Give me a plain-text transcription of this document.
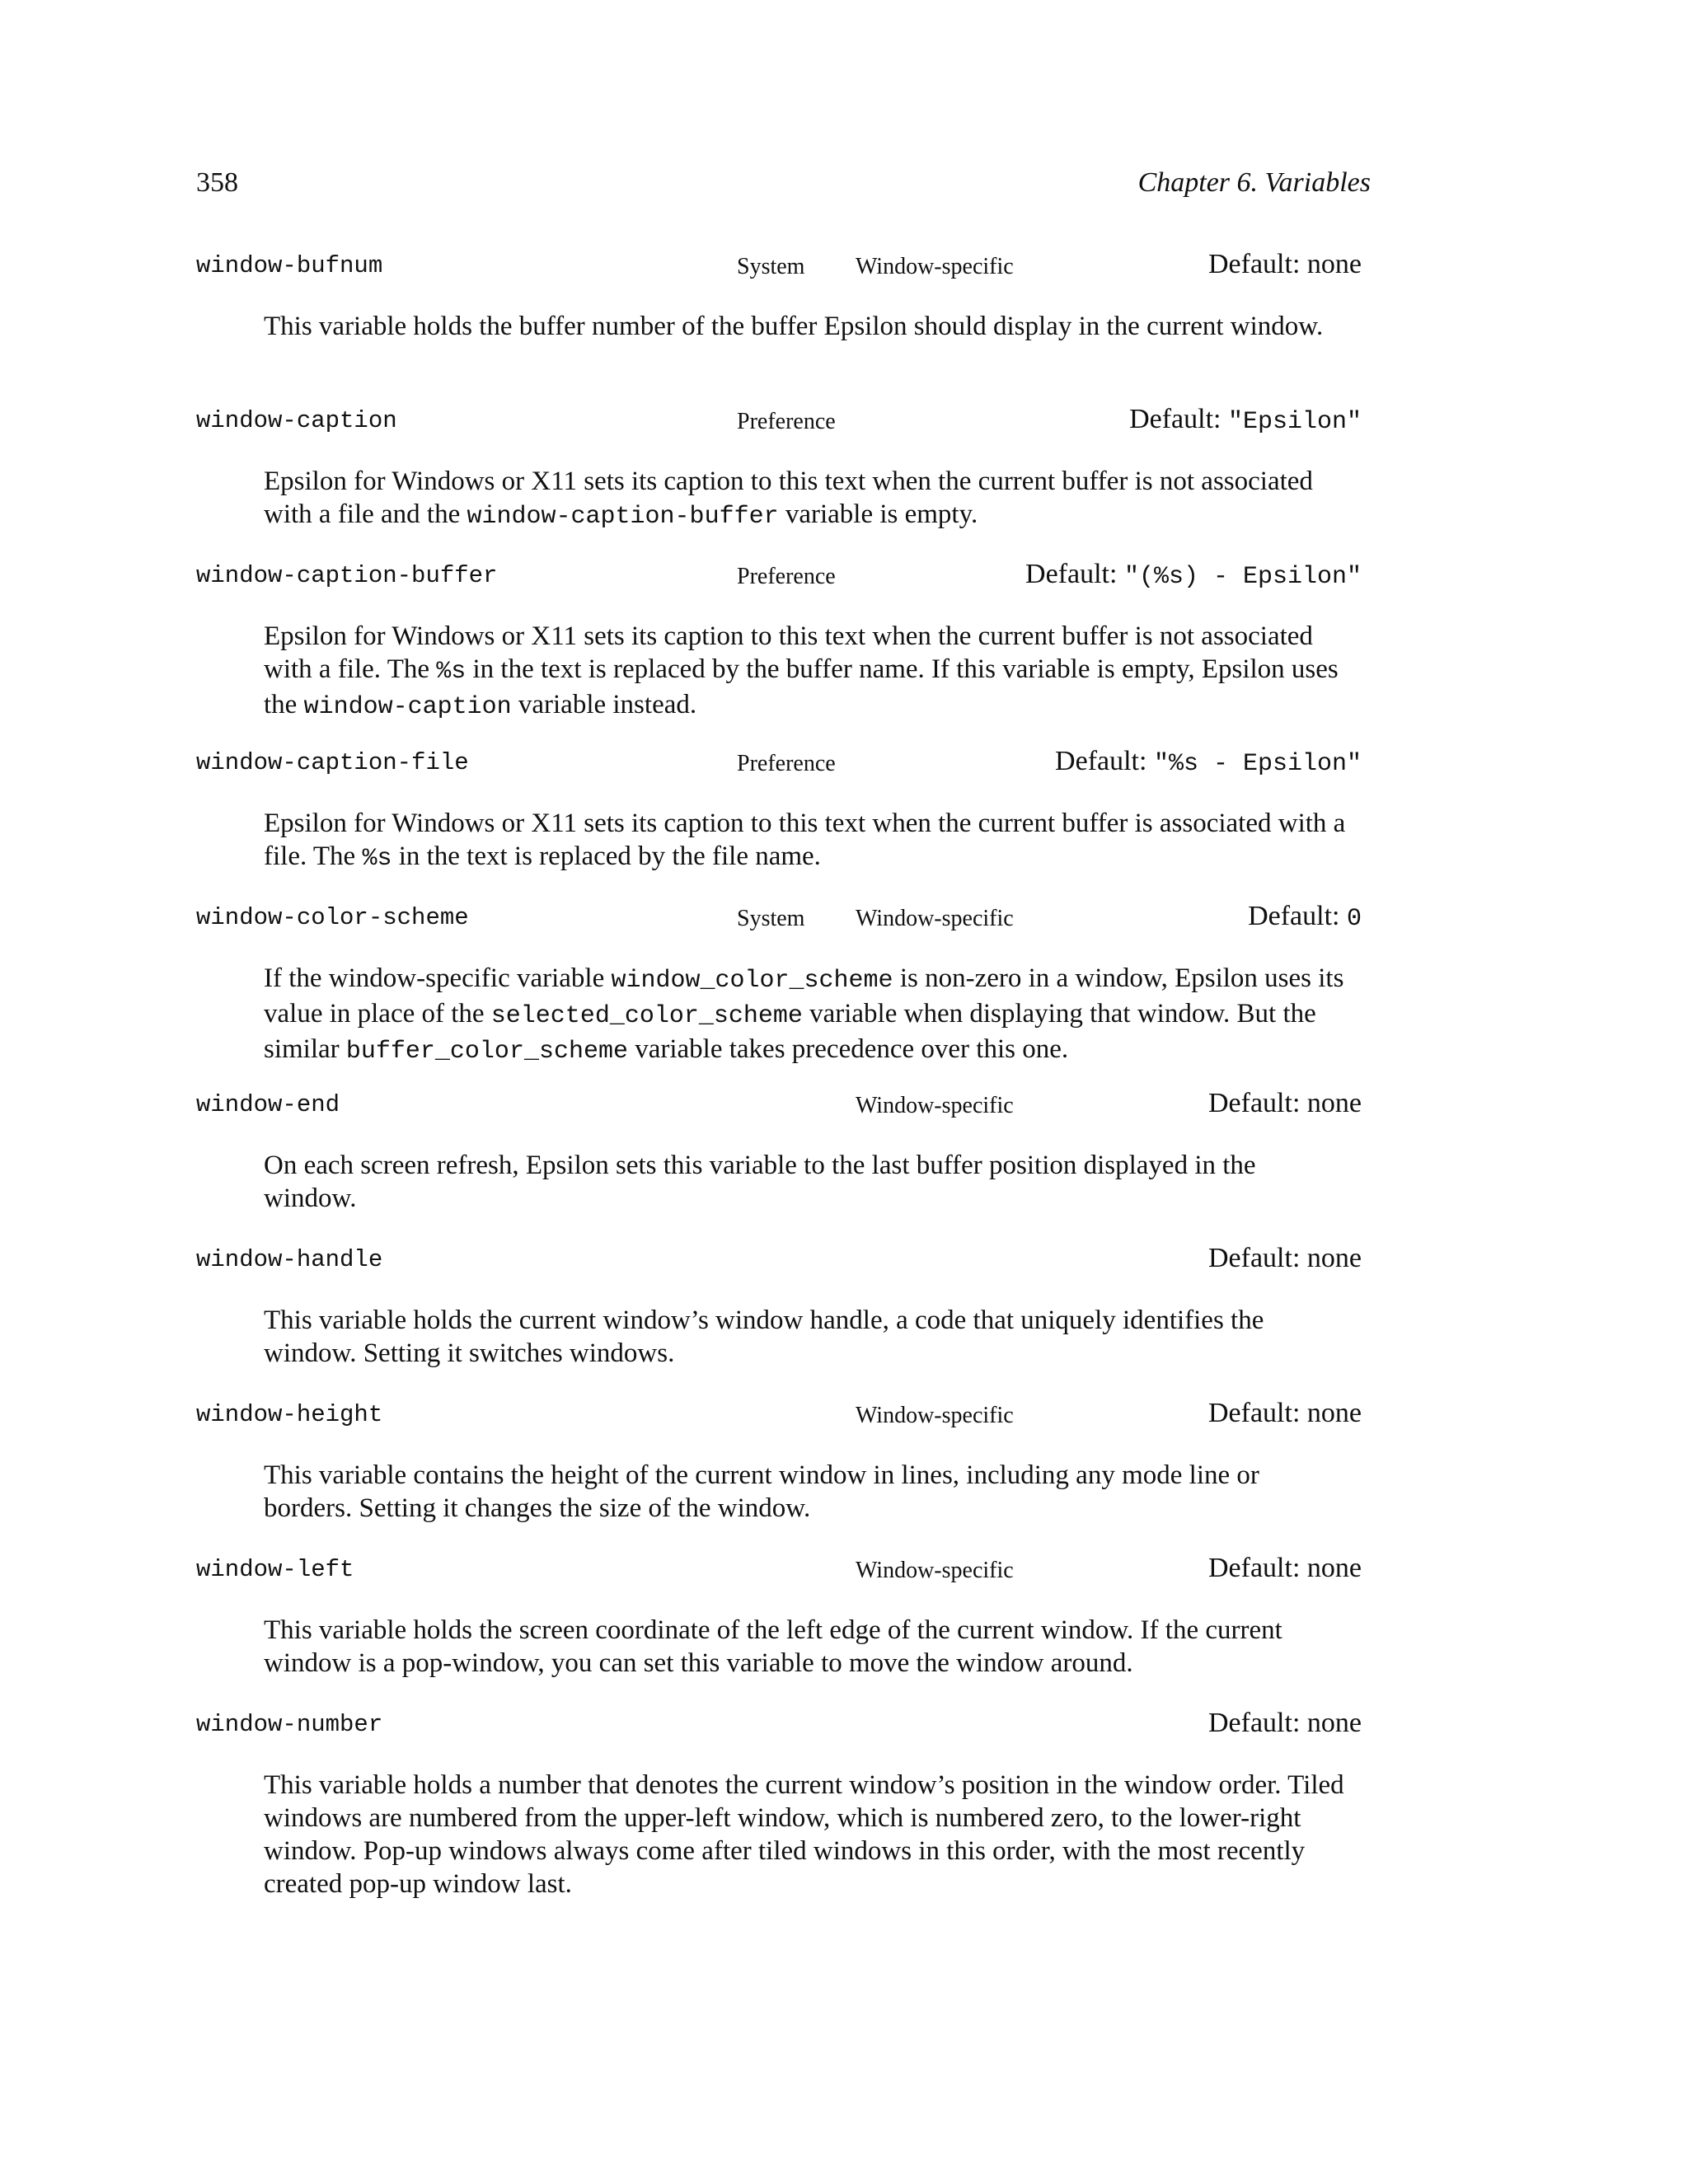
358	Chapter 6. Variables
window-bufnum	System Window-specific	Default: none
This variable holds the buffer number of the buffer Epsilon should display in the current window.
window-caption	Preference	Default: "Epsilon"
Epsilon for Windows or X11 sets its caption to this text when the current buffer is not associated with a file and the window-caption-buffer variable is empty.
window-caption-buffer	Preference	Default: "(%s) - Epsilon"
Epsilon for Windows or X11 sets its caption to this text when the current buffer is not associated with a file. The %s in the text is replaced by the buffer name. If this variable is empty, Epsilon uses the window-caption variable instead.
window-caption-file	Preference	Default: "%s - Epsilon"
Epsilon for Windows or X11 sets its caption to this text when the current buffer is associated with a file. The %s in the text is replaced by the file name.
window-color-scheme	System Window-specific	Default: 0
If the window-specific variable window_color_scheme is non-zero in a window, Epsilon uses its value in place of the selected_color_scheme variable when displaying that window. But the similar buffer_color_scheme variable takes precedence over this one.
window-end	Window-specific	Default: none
On each screen refresh, Epsilon sets this variable to the last buffer position displayed in the window.
window-handle	Default: none
This variable holds the current window’s window handle, a code that uniquely identifies the window. Setting it switches windows.
window-height	Window-specific	Default: none
This variable contains the height of the current window in lines, including any mode line or borders. Setting it changes the size of the window.
window-left	Window-specific	Default: none
This variable holds the screen coordinate of the left edge of the current window. If the current window is a pop-window, you can set this variable to move the window around.
window-number	Default: none
This variable holds a number that denotes the current window’s position in the window order. Tiled windows are numbered from the upper-left window, which is numbered zero, to the lower-right window. Pop-up windows always come after tiled windows in this order, with the most recently created pop-up window last.
